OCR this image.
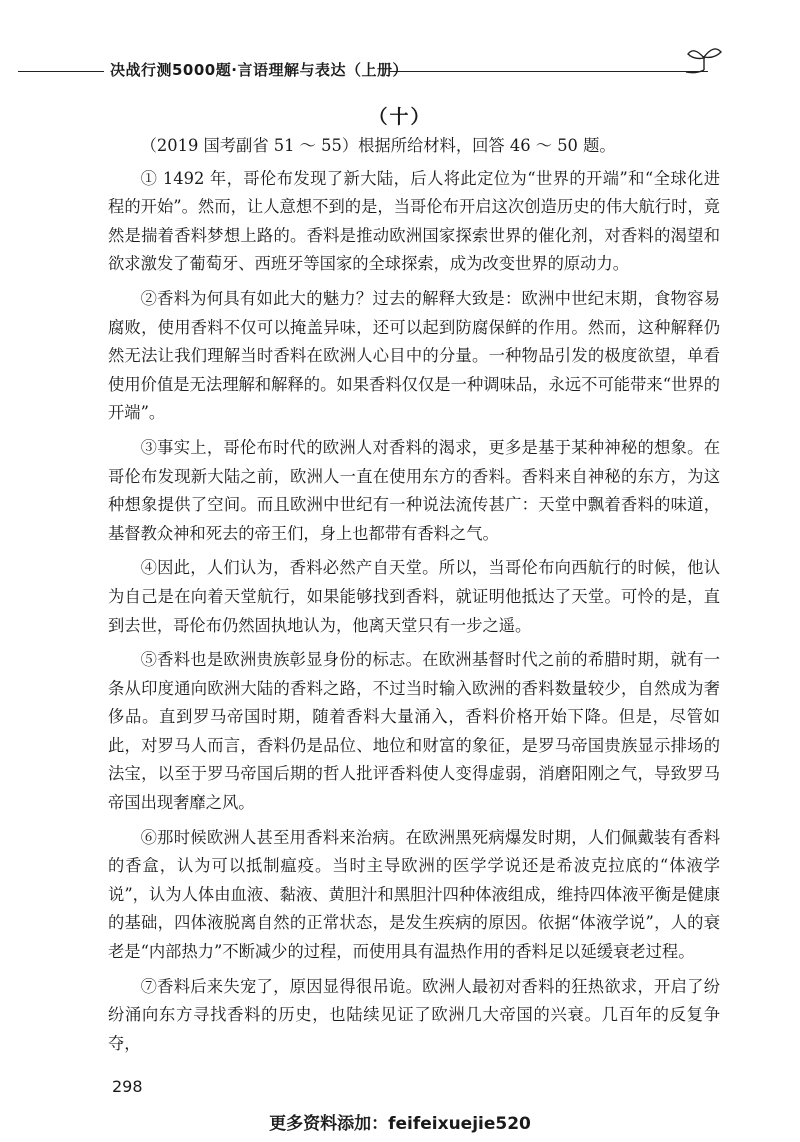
决战行测5000题·言语理解与表达（上册）
（十）

（2019 国考副省 51 ～ 55）根据所给材料，回答 46 ～ 50 题。

① 1492 年，哥伦布发现了新大陆，后人将此定位为“世界的开端”和“全球化进程的开始”。然而，让人意想不到的是，当哥伦布开启这次创造历史的伟大航行时，竟然是揣着香料梦想上路的。香料是推动欧洲国家探索世界的催化剂，对香料的渴望和欲求激发了葡萄牙、西班牙等国家的全球探索，成为改变世界的原动力。

②香料为何具有如此大的魅力？过去的解释大致是：欧洲中世纪末期，食物容易腐败，使用香料不仅可以掩盖异味，还可以起到防腐保鲜的作用。然而，这种解释仍然无法让我们理解当时香料在欧洲人心目中的分量。一种物品引发的极度欲望，单看使用价值是无法理解和解释的。如果香料仅仅是一种调味品，永远不可能带来“世界的开端”。

③事实上，哥伦布时代的欧洲人对香料的渴求，更多是基于某种神秘的想象。在哥伦布发现新大陆之前，欧洲人一直在使用东方的香料。香料来自神秘的东方，为这种想象提供了空间。而且欧洲中世纪有一种说法流传甚广：天堂中飘着香料的味道，基督教众神和死去的帝王们，身上也都带有香料之气。

④因此，人们认为，香料必然产自天堂。所以，当哥伦布向西航行的时候，他认为自己是在向着天堂航行，如果能够找到香料，就证明他抵达了天堂。可怜的是，直到去世，哥伦布仍然固执地认为，他离天堂只有一步之遥。

⑤香料也是欧洲贵族彰显身份的标志。在欧洲基督时代之前的希腊时期，就有一条从印度通向欧洲大陆的香料之路，不过当时输入欧洲的香料数量较少，自然成为奢侈品。直到罗马帝国时期，随着香料大量涌入，香料价格开始下降。但是，尽管如此，对罗马人而言，香料仍是品位、地位和财富的象征，是罗马帝国贵族显示排场的法宝，以至于罗马帝国后期的哲人批评香料使人变得虚弱，消磨阳刚之气，导致罗马帝国出现奢靡之风。

⑥那时候欧洲人甚至用香料来治病。在欧洲黑死病爆发时期，人们佩戴装有香料的香盒，认为可以抵制瘟疫。当时主导欧洲的医学学说还是希波克拉底的“体液学说”，认为人体由血液、黏液、黄胆汁和黑胆汁四种体液组成，维持四体液平衡是健康的基础，四体液脱离自然的正常状态，是发生疾病的原因。依据“体液学说”，人的衰老是“内部热力”不断减少的过程，而使用具有温热作用的香料足以延缓衰老过程。

⑦香料后来失宠了，原因显得很吊诡。欧洲人最初对香料的狂热欲求，开启了纷纷涌向东方寻找香料的历史，也陆续见证了欧洲几大帝国的兴衰。几百年的反复争夺，

298
更多资料添加：feifeixuejie520
